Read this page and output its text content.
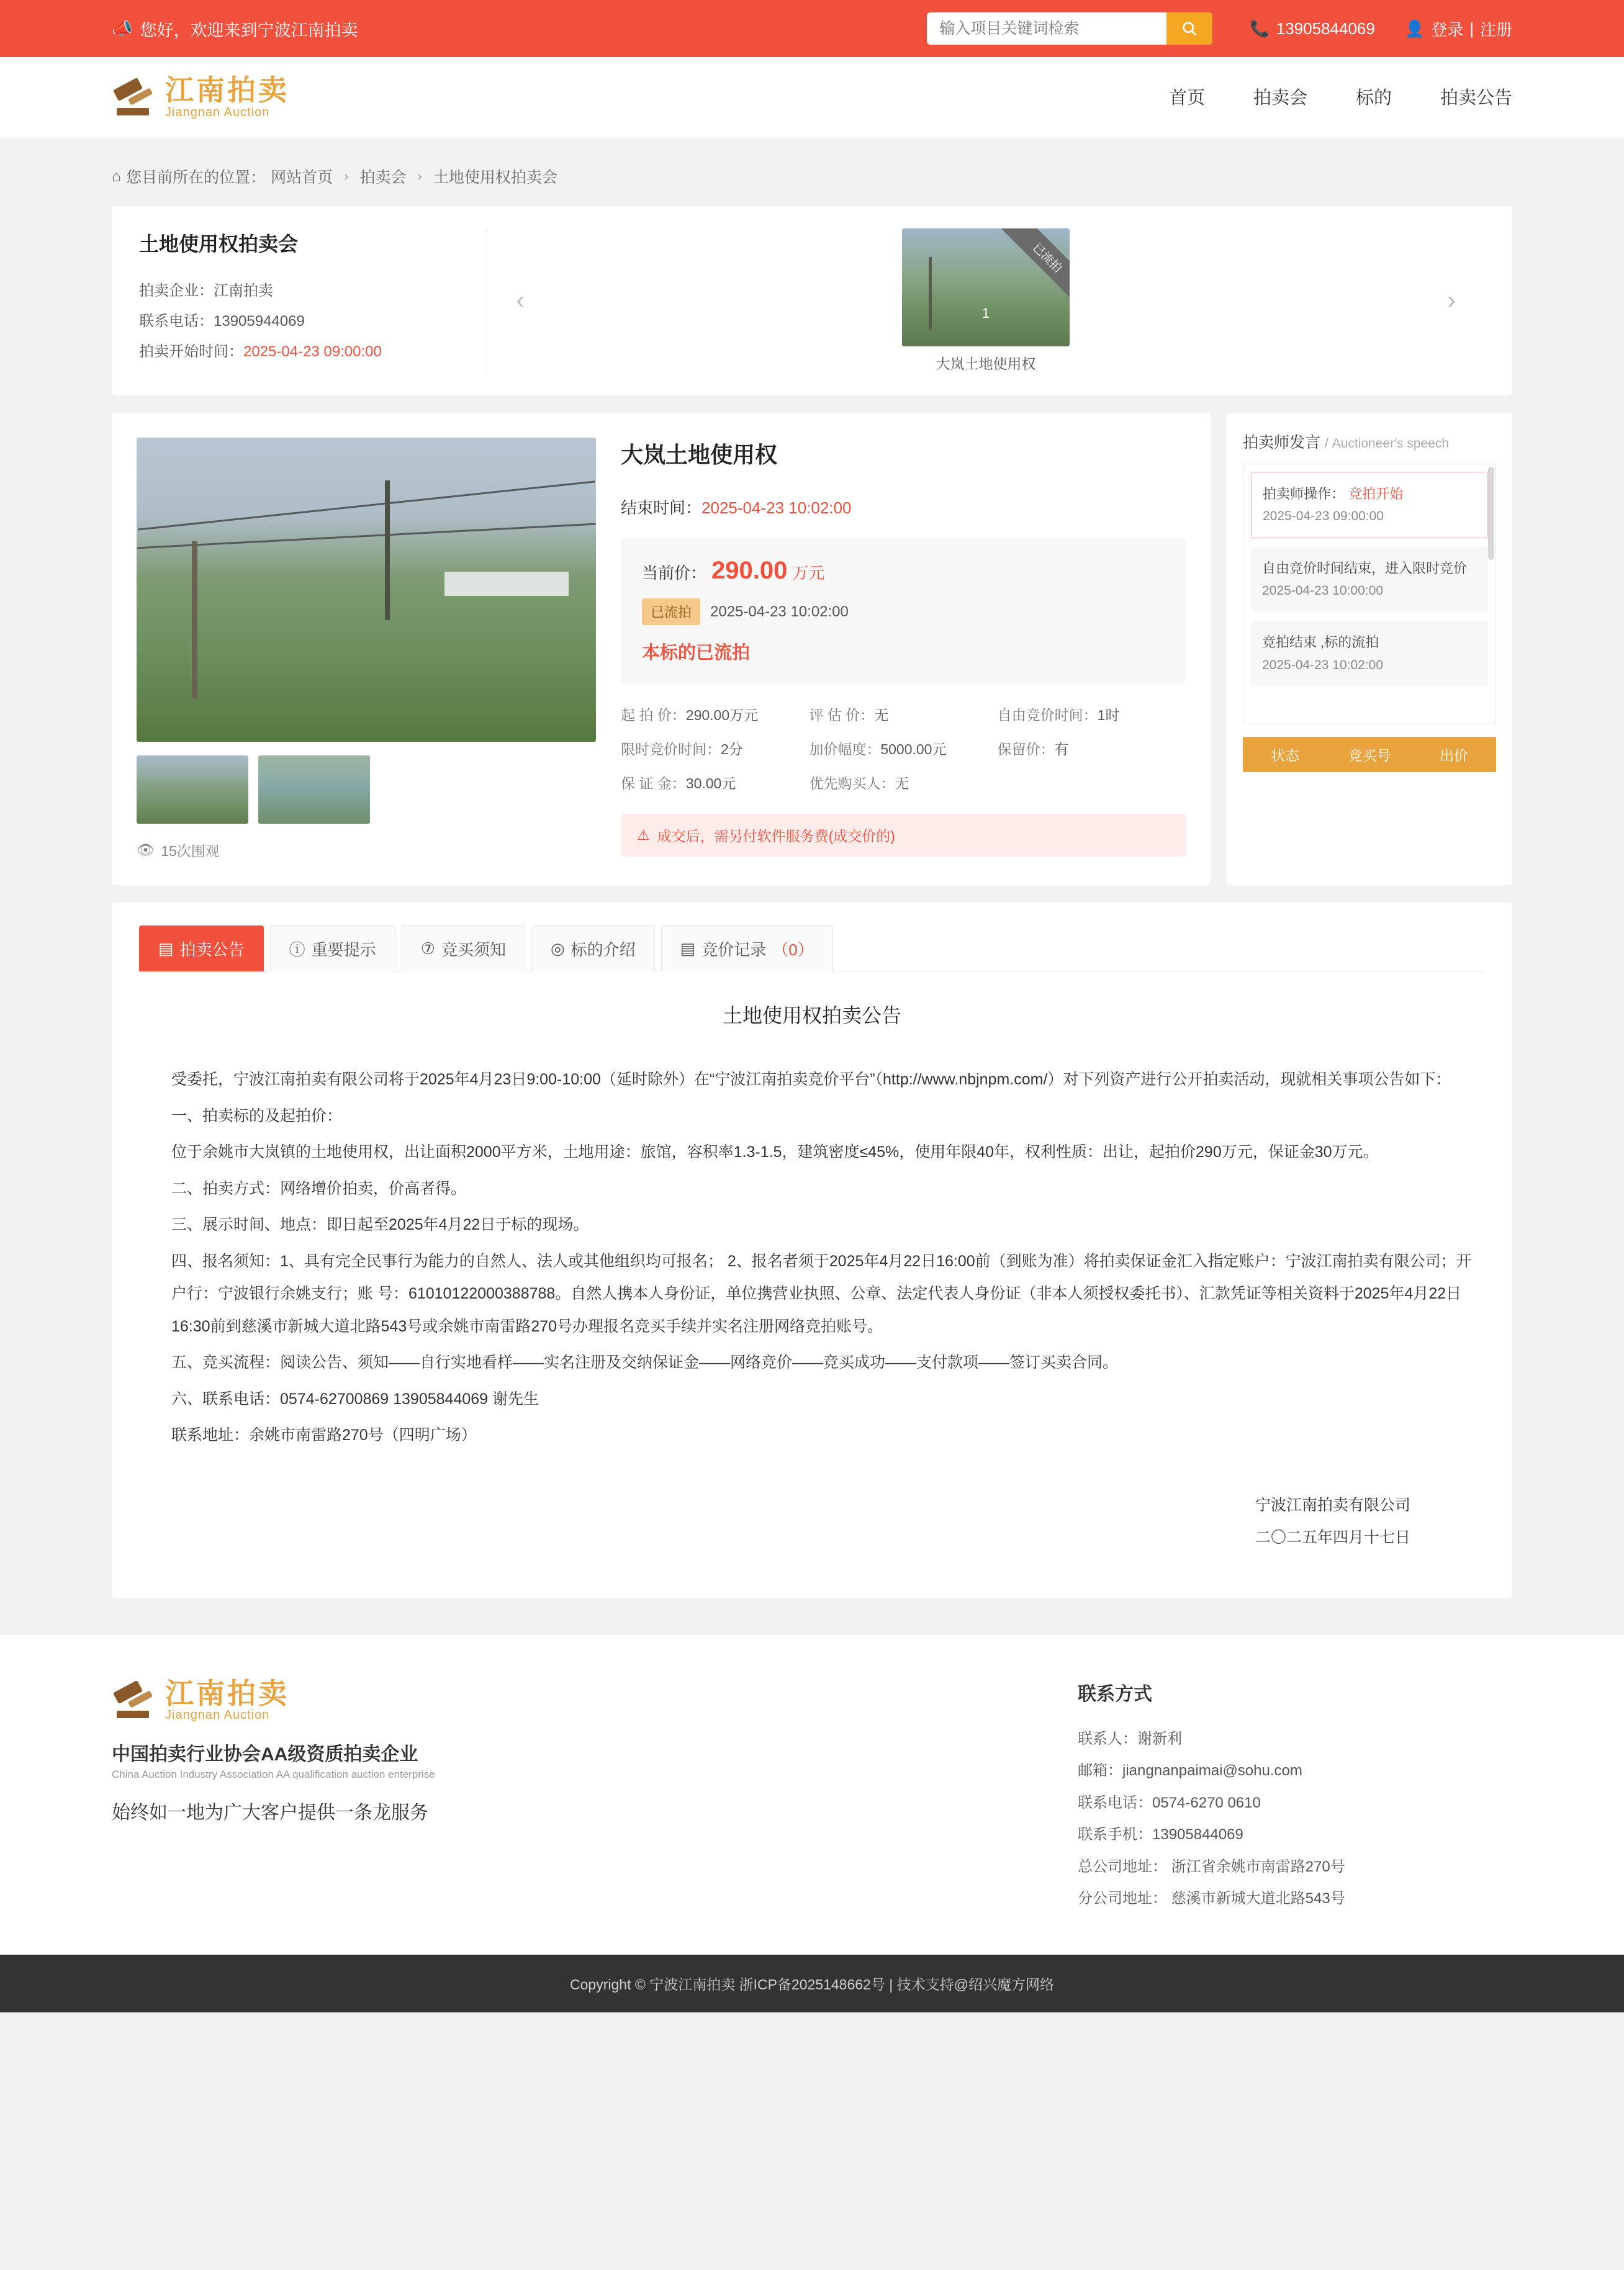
📣 您好，欢迎来到宁波江南拍卖
输入项目关键词检索	📞 13905844069 👤 登录 | 注册
江南拍卖
Jiangnan Auction
首页	拍卖会	标的	拍卖公告
⌂ 您目前所在的位置： 网站首页 › 拍卖会 › 土地使用权拍卖会
土地使用权拍卖会
拍卖企业：江南拍卖
联系电话：13905944069
拍卖开始时间：2025-04-23 09:00:00
‹
已流拍
1
大岚土地使用权
›
👁 15次围观
大岚土地使用权
结束时间：2025-04-23 10:02:00
当前价： 290.00 万元
已流拍	2025-04-23 10:02:00
本标的已流拍
起 拍 价：290.00万元	评 估 价：无	自由竞价时间：1时
限时竞价时间：2分	加价幅度：5000.00元	保留价：有
保 证 金：30.00元	优先购买人：无
⚠ 成交后，需另付软件服务费(成交价的)
拍卖师发言 / Auctioneer's speech
拍卖师操作： 竞拍开始
2025-04-23 09:00:00
自由竞价时间结束，进入限时竞价
2025-04-23 10:00:00
竞拍结束 ,标的流拍
2025-04-23 10:02:00
状态	竞买号	出价
▤ 拍卖公告	ⓘ 重要提示	⑦ 竞买须知	◎ 标的介绍	▤ 竞价记录 （0）
土地使用权拍卖公告

受委托，宁波江南拍卖有限公司将于2025年4月23日9:00-10:00（延时除外）在“宁波江南拍卖竞价平台”（http://www.nbjnpm.com/）对下列资产进行公开拍卖活动，现就相关事项公告如下：

一、拍卖标的及起拍价：

位于余姚市大岚镇的土地使用权，出让面积2000平方米，土地用途：旅馆，容积率1.3-1.5，建筑密度≤45%，使用年限40年，权利性质：出让，起拍价290万元，保证金30万元。

二、拍卖方式：网络增价拍卖，价高者得。

三、展示时间、地点：即日起至2025年4月22日于标的现场。

四、报名须知：1、具有完全民事行为能力的自然人、法人或其他组织均可报名； 2、报名者须于2025年4月22日16:00前（到账为准）将拍卖保证金汇入指定账户：宁波江南拍卖有限公司；开户行：宁波银行余姚支行；账 号：61010122000388788。自然人携本人身份证，单位携营业执照、公章、法定代表人身份证（非本人须授权委托书）、汇款凭证等相关资料于2025年4月22日16:30前到慈溪市新城大道北路543号或余姚市南雷路270号办理报名竞买手续并实名注册网络竞拍账号。

五、竞买流程：阅读公告、须知——自行实地看样——实名注册及交纳保证金——网络竞价——竞买成功——支付款项——签订买卖合同。

六、联系电话：0574-62700869 13905844069 谢先生

联系地址：余姚市南雷路270号（四明广场）

宁波江南拍卖有限公司
二〇二五年四月十七日
江南拍卖
Jiangnan Auction
中国拍卖行业协会AA级资质拍卖企业
China Auction Industry Association AA qualification auction enterprise
始终如一地为广大客户提供一条龙服务
联系方式
联系人：谢新利
邮箱：jiangnanpaimai@sohu.com
联系电话：0574-6270 0610
联系手机：13905844069
总公司地址： 浙江省余姚市南雷路270号
分公司地址： 慈溪市新城大道北路543号
Copyright © 宁波江南拍卖 浙ICP备2025148662号 | 技术支持@绍兴魔方网络
